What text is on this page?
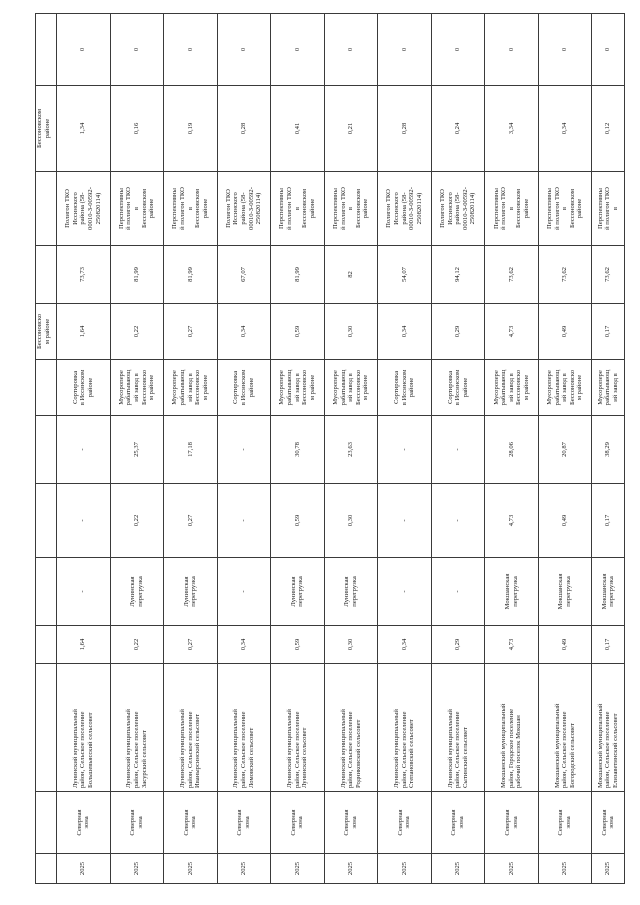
								Бессоновско
м районе			Бессоновском
районе	
2025	Северная
зона	Лунинский муниципальный
район, Сельское поселение
Большевьясский сельсовет	1,64	-	-	-	Сортировка
в Иссинском
районе	1,64	73,73	Полигон ТКО
Иссинского
района (58-
00010-З-00592-
250820114)	1,34	0
2025	Северная
зона	Лунинский муниципальный
район, Сельское поселение
Засурский сельсовет	0,22	Лунинская
перегрузка	0,22	25,37	Мусороперe
рабатывающ
ий завод в
Бессоновско
м районе	0,22	81,99	Перспективны
й полигон ТКО
в
Бессоновском
районе	0,16	0
2025	Северная
зона	Лунинский муниципальный
район, Сельское поселение
Иванырсинский сельсовет	0,27	Лунинская
перегрузка	0,27	17,18	Мусороперe
рабатывающ
ий завод в
Бессоновско
м районе	0,27	81,99	Перспективны
й полигон ТКО
в
Бессоновском
районе	0,19	0
2025	Северная
зона	Лунинский муниципальный
район, Сельское поселение
Ломовский сельсовет	0,34	-	-	-	Сортировка
в Иссинском
районе	0,34	67,07	Полигон ТКО
Иссинского
района (58-
00010-З-00592-
250820114)	0,28	0
2025	Северная
зона	Лунинский муниципальный
район, Сельское поселение
Лунинский сельсовет	0,59	Лунинская
перегрузка	0,59	30,78	Мусороперe
рабатывающ
ий завод в
Бессоновско
м районе	0,59	81,99	Перспективны
й полигон ТКО
в
Бессоновском
районе	0,41	0
2025	Северная
зона	Лунинский муниципальный
район, Сельское поселение
Родниковский сельсовет	0,30	Лунинская
перегрузка	0,30	23,63	Мусороперe
рабатывающ
ий завод в
Бессоновско
м районе	0,30	82	Перспективны
й полигон ТКО
в
Бессоновском
районе	0,21	0
2025	Северная
зона	Лунинский муниципальный
район, Сельское поселение
Степановский сельсовет	0,34	-	-	-	Сортировка
в Иссинском
районе	0,34	54,07	Полигон ТКО
Иссинского
района (58-
00010-З-00592-
250820114)	0,28	0
2025	Северная
зона	Лунинский муниципальный
район, Сельское поселение
Сытинский сельсовет	0,29	-	-	-	Сортировка
в Иссинском
районе	0,29	94,12	Полигон ТКО
Иссинского
района (58-
00010-З-00592-
250820114)	0,24	0
2025	Северная
зона	Мокшанский муниципальный
район, Городское поселение
рабочий поселок Мокшан	4,73	Мокшанская
перегрузка	4,73	28,06	Мусороперe
рабатывающ
ий завод в
Бессоновско
м районе	4,73	73,62	Перспективны
й полигон ТКО
в
Бессоновском
районе	3,34	0
2025	Северная
зона	Мокшанский муниципальный
район, Сельское поселение
Богородский сельсовет	0,49	Мокшанская
перегрузка	0,49	20,87	Мусороперe
рабатывающ
ий завод в
Бессоновско
м районе	0,49	73,62	Перспективны
й полигон ТКО
в
Бессоновском
районе	0,34	0
2025	Северная
зона	Мокшанский муниципальный
район, Сельское поселение
Елизаветинский сельсовет	0,17	Мокшанская
перегрузка	0,17	38,29	Мусороперe
рабатывающ
ий завод в	0,17	73,62	Перспективны
й полигон ТКО
в	0,12	0
